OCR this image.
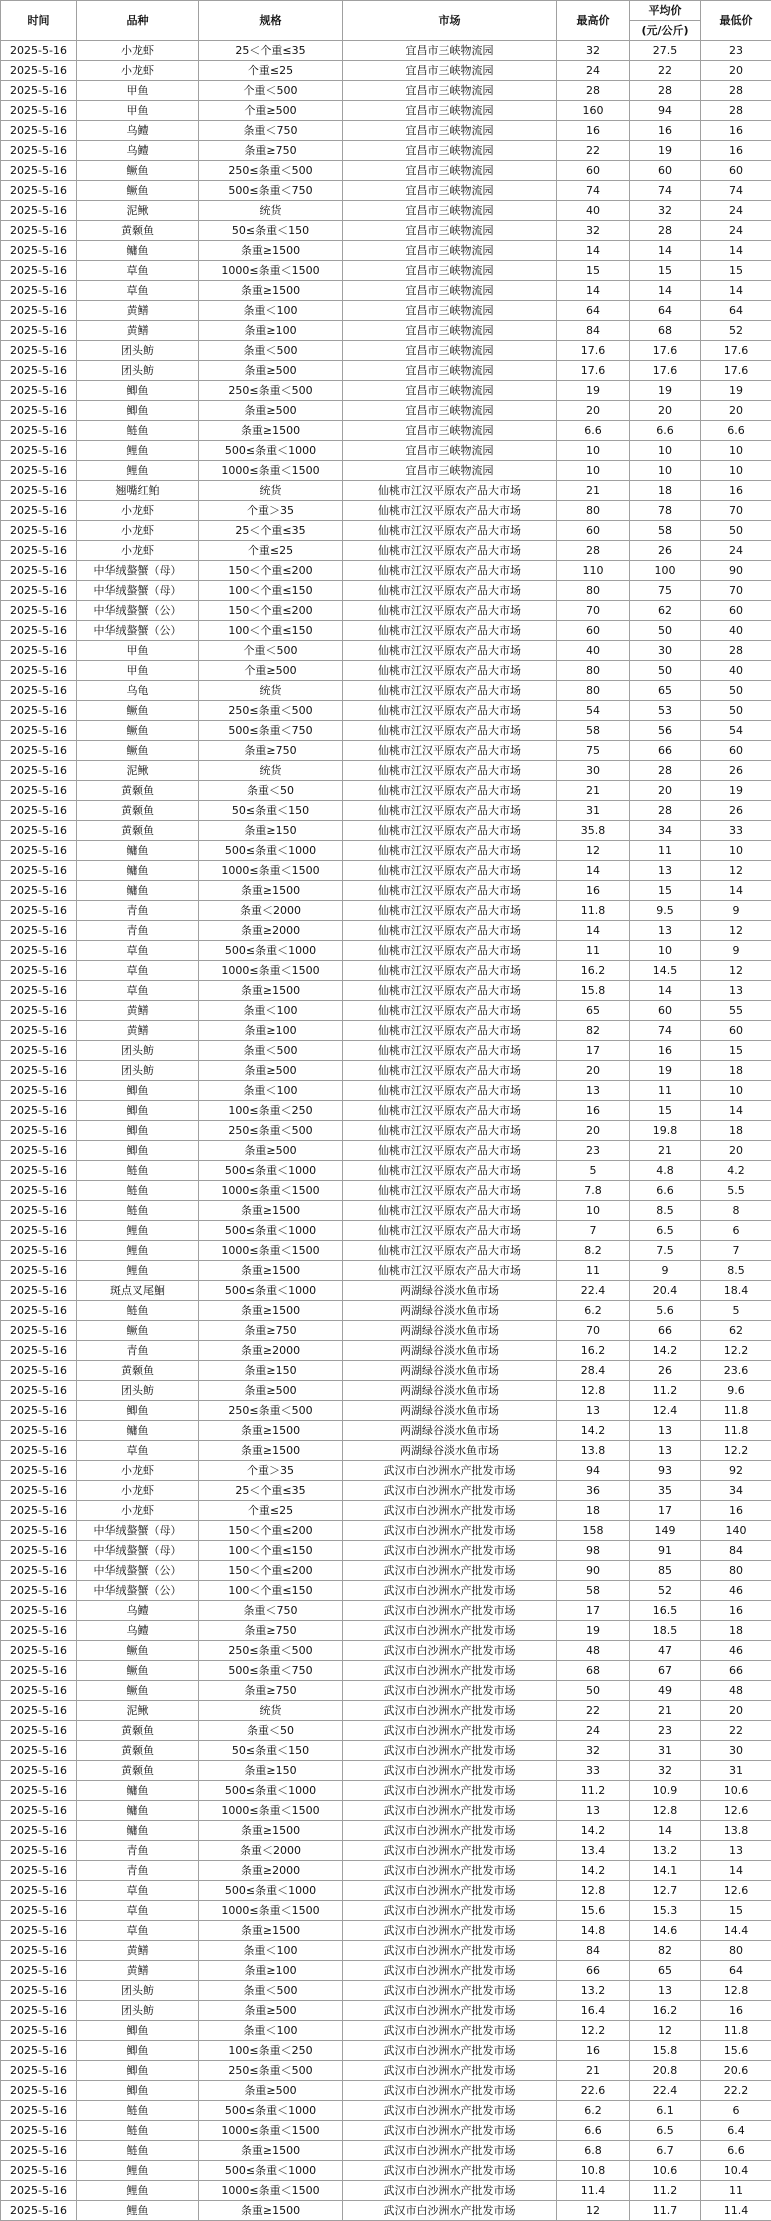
时间	品种	规格	市场	最高价	平均价	最低价
					(元/公斤)	
2025-5-16	小龙虾	25＜个重≤35	宜昌市三峡物流园	32	27.5	23
2025-5-16	小龙虾	个重≤25	宜昌市三峡物流园	24	22	20
2025-5-16	甲鱼	个重＜500	宜昌市三峡物流园	28	28	28
2025-5-16	甲鱼	个重≥500	宜昌市三峡物流园	160	94	28
2025-5-16	乌鳢	条重＜750	宜昌市三峡物流园	16	16	16
2025-5-16	乌鳢	条重≥750	宜昌市三峡物流园	22	19	16
2025-5-16	鳜鱼	250≤条重＜500	宜昌市三峡物流园	60	60	60
2025-5-16	鳜鱼	500≤条重＜750	宜昌市三峡物流园	74	74	74
2025-5-16	泥鳅	统货	宜昌市三峡物流园	40	32	24
2025-5-16	黄颡鱼	50≤条重＜150	宜昌市三峡物流园	32	28	24
2025-5-16	鳙鱼	条重≥1500	宜昌市三峡物流园	14	14	14
2025-5-16	草鱼	1000≤条重＜1500	宜昌市三峡物流园	15	15	15
2025-5-16	草鱼	条重≥1500	宜昌市三峡物流园	14	14	14
2025-5-16	黄鳝	条重＜100	宜昌市三峡物流园	64	64	64
2025-5-16	黄鳝	条重≥100	宜昌市三峡物流园	84	68	52
2025-5-16	团头鲂	条重＜500	宜昌市三峡物流园	17.6	17.6	17.6
2025-5-16	团头鲂	条重≥500	宜昌市三峡物流园	17.6	17.6	17.6
2025-5-16	鲫鱼	250≤条重＜500	宜昌市三峡物流园	19	19	19
2025-5-16	鲫鱼	条重≥500	宜昌市三峡物流园	20	20	20
2025-5-16	鲢鱼	条重≥1500	宜昌市三峡物流园	6.6	6.6	6.6
2025-5-16	鲤鱼	500≤条重＜1000	宜昌市三峡物流园	10	10	10
2025-5-16	鲤鱼	1000≤条重＜1500	宜昌市三峡物流园	10	10	10
2025-5-16	翘嘴红鲌	统货	仙桃市江汉平原农产品大市场	21	18	16
2025-5-16	小龙虾	个重＞35	仙桃市江汉平原农产品大市场	80	78	70
2025-5-16	小龙虾	25＜个重≤35	仙桃市江汉平原农产品大市场	60	58	50
2025-5-16	小龙虾	个重≤25	仙桃市江汉平原农产品大市场	28	26	24
2025-5-16	中华绒螯蟹（母）	150＜个重≤200	仙桃市江汉平原农产品大市场	110	100	90
2025-5-16	中华绒螯蟹（母）	100＜个重≤150	仙桃市江汉平原农产品大市场	80	75	70
2025-5-16	中华绒螯蟹（公）	150＜个重≤200	仙桃市江汉平原农产品大市场	70	62	60
2025-5-16	中华绒螯蟹（公）	100＜个重≤150	仙桃市江汉平原农产品大市场	60	50	40
2025-5-16	甲鱼	个重＜500	仙桃市江汉平原农产品大市场	40	30	28
2025-5-16	甲鱼	个重≥500	仙桃市江汉平原农产品大市场	80	50	40
2025-5-16	乌龟	统货	仙桃市江汉平原农产品大市场	80	65	50
2025-5-16	鳜鱼	250≤条重＜500	仙桃市江汉平原农产品大市场	54	53	50
2025-5-16	鳜鱼	500≤条重＜750	仙桃市江汉平原农产品大市场	58	56	54
2025-5-16	鳜鱼	条重≥750	仙桃市江汉平原农产品大市场	75	66	60
2025-5-16	泥鳅	统货	仙桃市江汉平原农产品大市场	30	28	26
2025-5-16	黄颡鱼	条重＜50	仙桃市江汉平原农产品大市场	21	20	19
2025-5-16	黄颡鱼	50≤条重＜150	仙桃市江汉平原农产品大市场	31	28	26
2025-5-16	黄颡鱼	条重≥150	仙桃市江汉平原农产品大市场	35.8	34	33
2025-5-16	鳙鱼	500≤条重＜1000	仙桃市江汉平原农产品大市场	12	11	10
2025-5-16	鳙鱼	1000≤条重＜1500	仙桃市江汉平原农产品大市场	14	13	12
2025-5-16	鳙鱼	条重≥1500	仙桃市江汉平原农产品大市场	16	15	14
2025-5-16	青鱼	条重＜2000	仙桃市江汉平原农产品大市场	11.8	9.5	9
2025-5-16	青鱼	条重≥2000	仙桃市江汉平原农产品大市场	14	13	12
2025-5-16	草鱼	500≤条重＜1000	仙桃市江汉平原农产品大市场	11	10	9
2025-5-16	草鱼	1000≤条重＜1500	仙桃市江汉平原农产品大市场	16.2	14.5	12
2025-5-16	草鱼	条重≥1500	仙桃市江汉平原农产品大市场	15.8	14	13
2025-5-16	黄鳝	条重＜100	仙桃市江汉平原农产品大市场	65	60	55
2025-5-16	黄鳝	条重≥100	仙桃市江汉平原农产品大市场	82	74	60
2025-5-16	团头鲂	条重＜500	仙桃市江汉平原农产品大市场	17	16	15
2025-5-16	团头鲂	条重≥500	仙桃市江汉平原农产品大市场	20	19	18
2025-5-16	鲫鱼	条重＜100	仙桃市江汉平原农产品大市场	13	11	10
2025-5-16	鲫鱼	100≤条重＜250	仙桃市江汉平原农产品大市场	16	15	14
2025-5-16	鲫鱼	250≤条重＜500	仙桃市江汉平原农产品大市场	20	19.8	18
2025-5-16	鲫鱼	条重≥500	仙桃市江汉平原农产品大市场	23	21	20
2025-5-16	鲢鱼	500≤条重＜1000	仙桃市江汉平原农产品大市场	5	4.8	4.2
2025-5-16	鲢鱼	1000≤条重＜1500	仙桃市江汉平原农产品大市场	7.8	6.6	5.5
2025-5-16	鲢鱼	条重≥1500	仙桃市江汉平原农产品大市场	10	8.5	8
2025-5-16	鲤鱼	500≤条重＜1000	仙桃市江汉平原农产品大市场	7	6.5	6
2025-5-16	鲤鱼	1000≤条重＜1500	仙桃市江汉平原农产品大市场	8.2	7.5	7
2025-5-16	鲤鱼	条重≥1500	仙桃市江汉平原农产品大市场	11	9	8.5
2025-5-16	斑点叉尾鮰	500≤条重＜1000	两湖绿谷淡水鱼市场	22.4	20.4	18.4
2025-5-16	鲢鱼	条重≥1500	两湖绿谷淡水鱼市场	6.2	5.6	5
2025-5-16	鳜鱼	条重≥750	两湖绿谷淡水鱼市场	70	66	62
2025-5-16	青鱼	条重≥2000	两湖绿谷淡水鱼市场	16.2	14.2	12.2
2025-5-16	黄颡鱼	条重≥150	两湖绿谷淡水鱼市场	28.4	26	23.6
2025-5-16	团头鲂	条重≥500	两湖绿谷淡水鱼市场	12.8	11.2	9.6
2025-5-16	鲫鱼	250≤条重＜500	两湖绿谷淡水鱼市场	13	12.4	11.8
2025-5-16	鳙鱼	条重≥1500	两湖绿谷淡水鱼市场	14.2	13	11.8
2025-5-16	草鱼	条重≥1500	两湖绿谷淡水鱼市场	13.8	13	12.2
2025-5-16	小龙虾	个重＞35	武汉市白沙洲水产批发市场	94	93	92
2025-5-16	小龙虾	25＜个重≤35	武汉市白沙洲水产批发市场	36	35	34
2025-5-16	小龙虾	个重≤25	武汉市白沙洲水产批发市场	18	17	16
2025-5-16	中华绒螯蟹（母）	150＜个重≤200	武汉市白沙洲水产批发市场	158	149	140
2025-5-16	中华绒螯蟹（母）	100＜个重≤150	武汉市白沙洲水产批发市场	98	91	84
2025-5-16	中华绒螯蟹（公）	150＜个重≤200	武汉市白沙洲水产批发市场	90	85	80
2025-5-16	中华绒螯蟹（公）	100＜个重≤150	武汉市白沙洲水产批发市场	58	52	46
2025-5-16	乌鳢	条重＜750	武汉市白沙洲水产批发市场	17	16.5	16
2025-5-16	乌鳢	条重≥750	武汉市白沙洲水产批发市场	19	18.5	18
2025-5-16	鳜鱼	250≤条重＜500	武汉市白沙洲水产批发市场	48	47	46
2025-5-16	鳜鱼	500≤条重＜750	武汉市白沙洲水产批发市场	68	67	66
2025-5-16	鳜鱼	条重≥750	武汉市白沙洲水产批发市场	50	49	48
2025-5-16	泥鳅	统货	武汉市白沙洲水产批发市场	22	21	20
2025-5-16	黄颡鱼	条重＜50	武汉市白沙洲水产批发市场	24	23	22
2025-5-16	黄颡鱼	50≤条重＜150	武汉市白沙洲水产批发市场	32	31	30
2025-5-16	黄颡鱼	条重≥150	武汉市白沙洲水产批发市场	33	32	31
2025-5-16	鳙鱼	500≤条重＜1000	武汉市白沙洲水产批发市场	11.2	10.9	10.6
2025-5-16	鳙鱼	1000≤条重＜1500	武汉市白沙洲水产批发市场	13	12.8	12.6
2025-5-16	鳙鱼	条重≥1500	武汉市白沙洲水产批发市场	14.2	14	13.8
2025-5-16	青鱼	条重＜2000	武汉市白沙洲水产批发市场	13.4	13.2	13
2025-5-16	青鱼	条重≥2000	武汉市白沙洲水产批发市场	14.2	14.1	14
2025-5-16	草鱼	500≤条重＜1000	武汉市白沙洲水产批发市场	12.8	12.7	12.6
2025-5-16	草鱼	1000≤条重＜1500	武汉市白沙洲水产批发市场	15.6	15.3	15
2025-5-16	草鱼	条重≥1500	武汉市白沙洲水产批发市场	14.8	14.6	14.4
2025-5-16	黄鳝	条重＜100	武汉市白沙洲水产批发市场	84	82	80
2025-5-16	黄鳝	条重≥100	武汉市白沙洲水产批发市场	66	65	64
2025-5-16	团头鲂	条重＜500	武汉市白沙洲水产批发市场	13.2	13	12.8
2025-5-16	团头鲂	条重≥500	武汉市白沙洲水产批发市场	16.4	16.2	16
2025-5-16	鲫鱼	条重＜100	武汉市白沙洲水产批发市场	12.2	12	11.8
2025-5-16	鲫鱼	100≤条重＜250	武汉市白沙洲水产批发市场	16	15.8	15.6
2025-5-16	鲫鱼	250≤条重＜500	武汉市白沙洲水产批发市场	21	20.8	20.6
2025-5-16	鲫鱼	条重≥500	武汉市白沙洲水产批发市场	22.6	22.4	22.2
2025-5-16	鲢鱼	500≤条重＜1000	武汉市白沙洲水产批发市场	6.2	6.1	6
2025-5-16	鲢鱼	1000≤条重＜1500	武汉市白沙洲水产批发市场	6.6	6.5	6.4
2025-5-16	鲢鱼	条重≥1500	武汉市白沙洲水产批发市场	6.8	6.7	6.6
2025-5-16	鲤鱼	500≤条重＜1000	武汉市白沙洲水产批发市场	10.8	10.6	10.4
2025-5-16	鲤鱼	1000≤条重＜1500	武汉市白沙洲水产批发市场	11.4	11.2	11
2025-5-16	鲤鱼	条重≥1500	武汉市白沙洲水产批发市场	12	11.7	11.4
